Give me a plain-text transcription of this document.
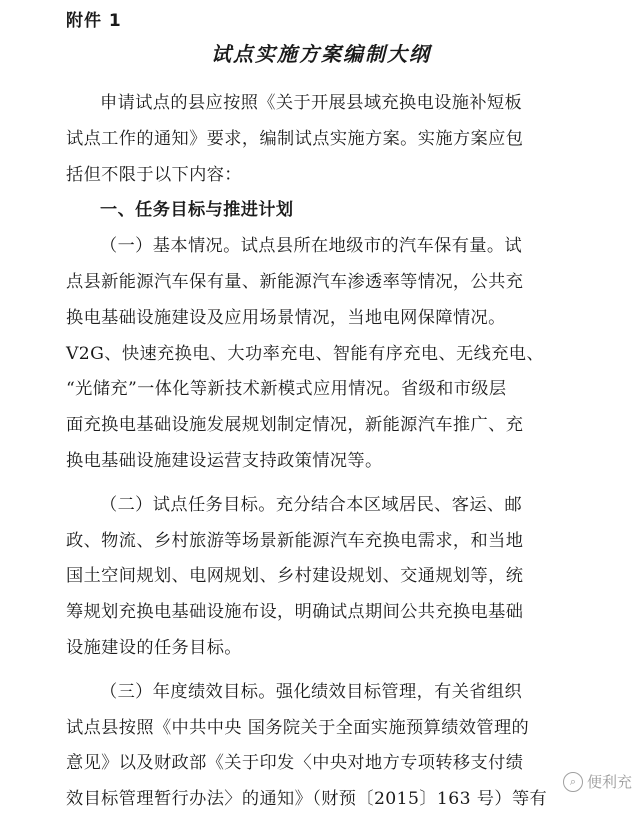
附件 1
试点实施方案编制大纲
申请试点的县应按照《关于开展县域充换电设施补短板
试点工作的通知》要求，编制试点实施方案。实施方案应包
括但不限于以下内容：
一、任务目标与推进计划
（一）基本情况。试点县所在地级市的汽车保有量。试
点县新能源汽车保有量、新能源汽车渗透率等情况，公共充
换电基础设施建设及应用场景情况，当地电网保障情况。
V2G、快速充换电、大功率充电、智能有序充电、无线充电、
“光储充”一体化等新技术新模式应用情况。省级和市级层
面充换电基础设施发展规划制定情况，新能源汽车推广、充
换电基础设施建设运营支持政策情况等。
（二）试点任务目标。充分结合本区域居民、客运、邮
政、物流、乡村旅游等场景新能源汽车充换电需求，和当地
国土空间规划、电网规划、乡村建设规划、交通规划等，统
筹规划充换电基础设施布设，明确试点期间公共充换电基础
设施建设的任务目标。
（三）年度绩效目标。强化绩效目标管理，有关省组织
试点县按照《中共中央 国务院关于全面实施预算绩效管理的
意见》以及财政部《关于印发〈中央对地方专项转移支付绩
效目标管理暂行办法〉的通知》（财预〔2015〕163 号）等有
⌕ 便利充
